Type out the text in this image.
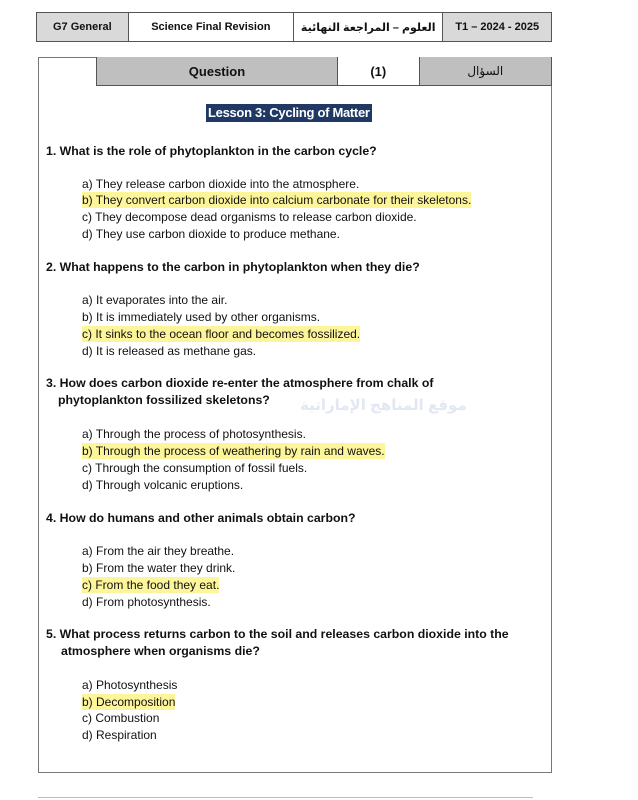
G7 General	Science Final Revision	العلوم – المراجعة النهائية	T1 – 2024 - 2025
Question	(1)	السؤال
Lesson 3: Cycling of Matter
موقع المناهج الإماراتية
1. What is the role of phytoplankton in the carbon cycle?
a) They release carbon dioxide into the atmosphere.
b) They convert carbon dioxide into calcium carbonate for their skeletons.
c) They decompose dead organisms to release carbon dioxide.
d) They use carbon dioxide to produce methane.
2. What happens to the carbon in phytoplankton when they die?
a) It evaporates into the air.
b) It is immediately used by other organisms.
c) It sinks to the ocean floor and becomes fossilized.
d) It is released as methane gas.
3. How does carbon dioxide re-enter the atmosphere from chalk of
phytoplankton fossilized skeletons?
a) Through the process of photosynthesis.
b) Through the process of weathering by rain and waves.
c) Through the consumption of fossil fuels.
d) Through volcanic eruptions.
4. How do humans and other animals obtain carbon?
a) From the air they breathe.
b) From the water they drink.
c) From the food they eat.
d) From photosynthesis.
5. What process returns carbon to the soil and releases carbon dioxide into the
atmosphere when organisms die?
a) Photosynthesis
b) Decomposition
c) Combustion
d) Respiration
